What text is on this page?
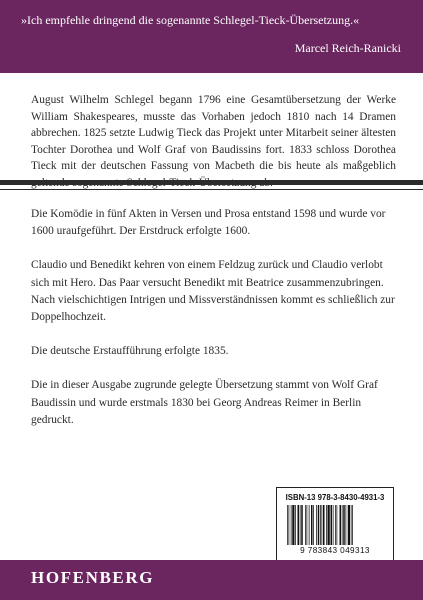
»Ich empfehle dringend die sogenannte Schlegel-Tieck-Übersetzung.«
Marcel Reich-Ranicki
August Wilhelm Schlegel begann 1796 eine Gesamtübersetzung der Werke William Shakespeares, musste das Vorhaben jedoch 1810 nach 14 Dramen abbrechen. 1825 setzte Ludwig Tieck das Projekt unter Mitarbeit seiner ältesten Tochter Dorothea und Wolf Graf von Baudissins fort. 1833 schloss Dorothea Tieck mit der deutschen Fassung von Macbeth die bis heute als maßgeblich

Die Komödie in fünf Akten in Versen und Prosa entstand 1598 und wurde vor 1600 uraufgeführt. Der Erstdruck erfolgte 1600.

Claudio und Benedikt kehren von einem Feldzug zurück und Claudio verlobt sich mit Hero. Das Paar versucht Benedikt mit Beatrice zusammenzubringen. Nach vielschichtigen Intrigen und Missverständnissen kommt es schließlich zur Doppelhochzeit.

Die deutsche Erstaufführung erfolgte 1835.

Die in dieser Ausgabe zugrunde gelegte Übersetzung stammt von Wolf Graf Baudissin und wurde erstmals 1830 bei Georg Andreas Reimer in Berlin gedruckt.

ISBN-13 978-3-8430-4931-3
9 783843 049313
HOFENBERG
